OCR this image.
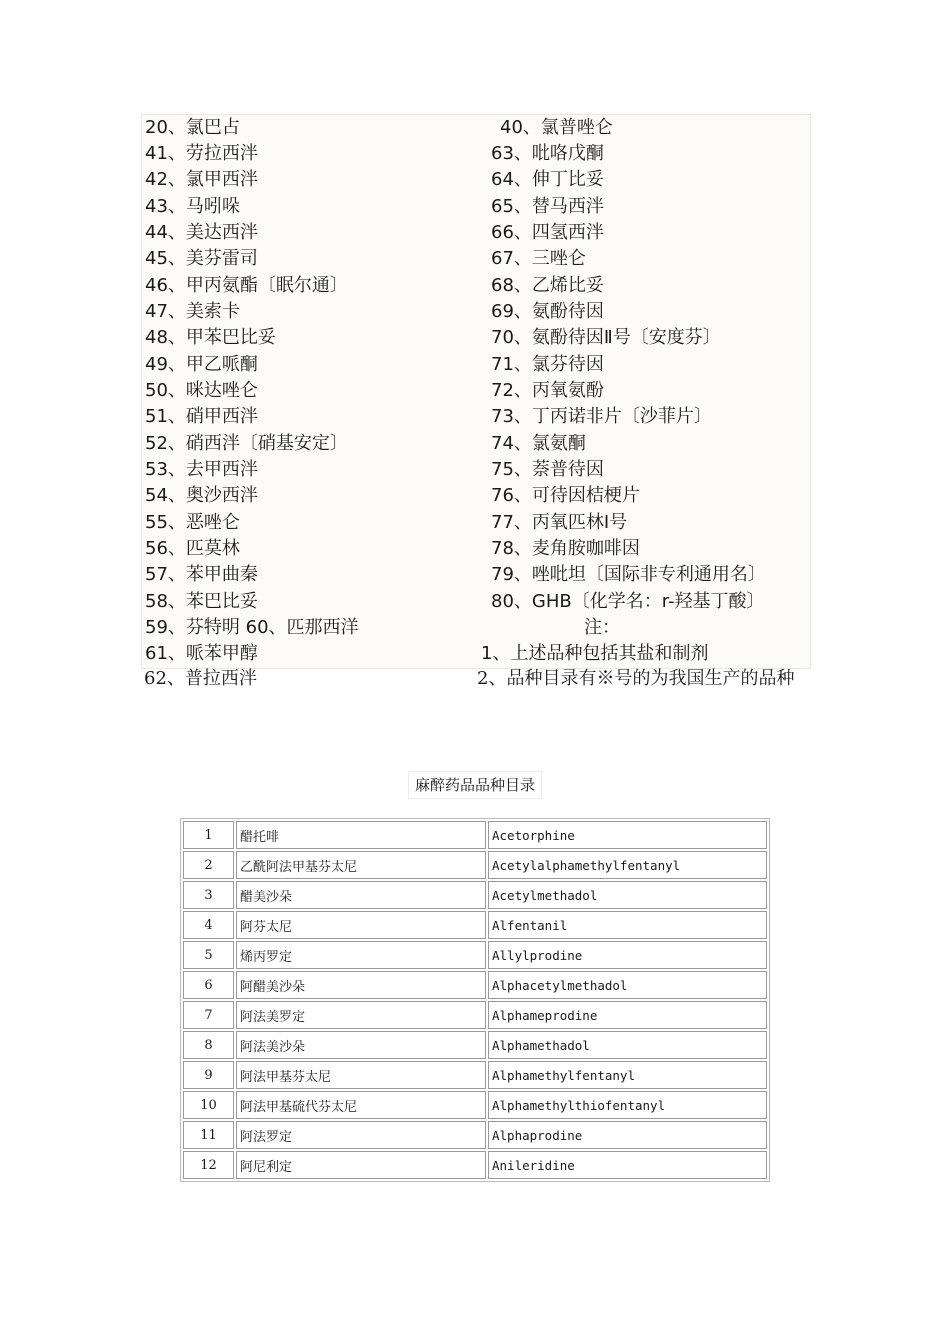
20、氯巴占	40、氯普唑仑
41、劳拉西泮	63、吡咯戊酮
42、氯甲西泮	64、伸丁比妥
43、马吲哚	65、替马西泮
44、美达西泮	66、四氢西泮
45、美芬雷司	67、三唑仑
46、甲丙氨酯〔眠尔通〕	68、乙烯比妥
47、美索卡	69、氨酚待因
48、甲苯巴比妥	70、氨酚待因Ⅱ号〔安度芬〕
49、甲乙哌酮	71、氯芬待因
50、咪达唑仑	72、丙氧氨酚
51、硝甲西泮	73、丁丙诺非片〔沙菲片〕
52、硝西泮〔硝基安定〕	74、氯氨酮
53、去甲西泮	75、萘普待因
54、奥沙西泮	76、可待因桔梗片
55、恶唑仑	77、丙氧匹林Ⅰ号
56、匹莫林	78、麦角胺咖啡因
57、苯甲曲秦	79、唑吡坦〔国际非专利通用名〕
58、苯巴比妥	80、GHB〔化学名：r-羟基丁酸〕
59、芬特明 60、匹那西洋	注：
61、哌苯甲醇	1、上述品种包括其盐和制剂
62、普拉西泮	2、品种目录有※号的为我国生产的品种
麻醉药品品种目录
1	醋托啡	Acetorphine
2	乙酰阿法甲基芬太尼	Acetylalphamethylfentanyl
3	醋美沙朵	Acetylmethadol
4	阿芬太尼	Alfentanil
5	烯丙罗定	Allylprodine
6	阿醋美沙朵	Alphacetylmethadol
7	阿法美罗定	Alphameprodine
8	阿法美沙朵	Alphamethadol
9	阿法甲基芬太尼	Alphamethylfentanyl
10	阿法甲基硫代芬太尼	Alphamethylthiofentanyl
11	阿法罗定	Alphaprodine
12	阿尼利定	Anileridine
